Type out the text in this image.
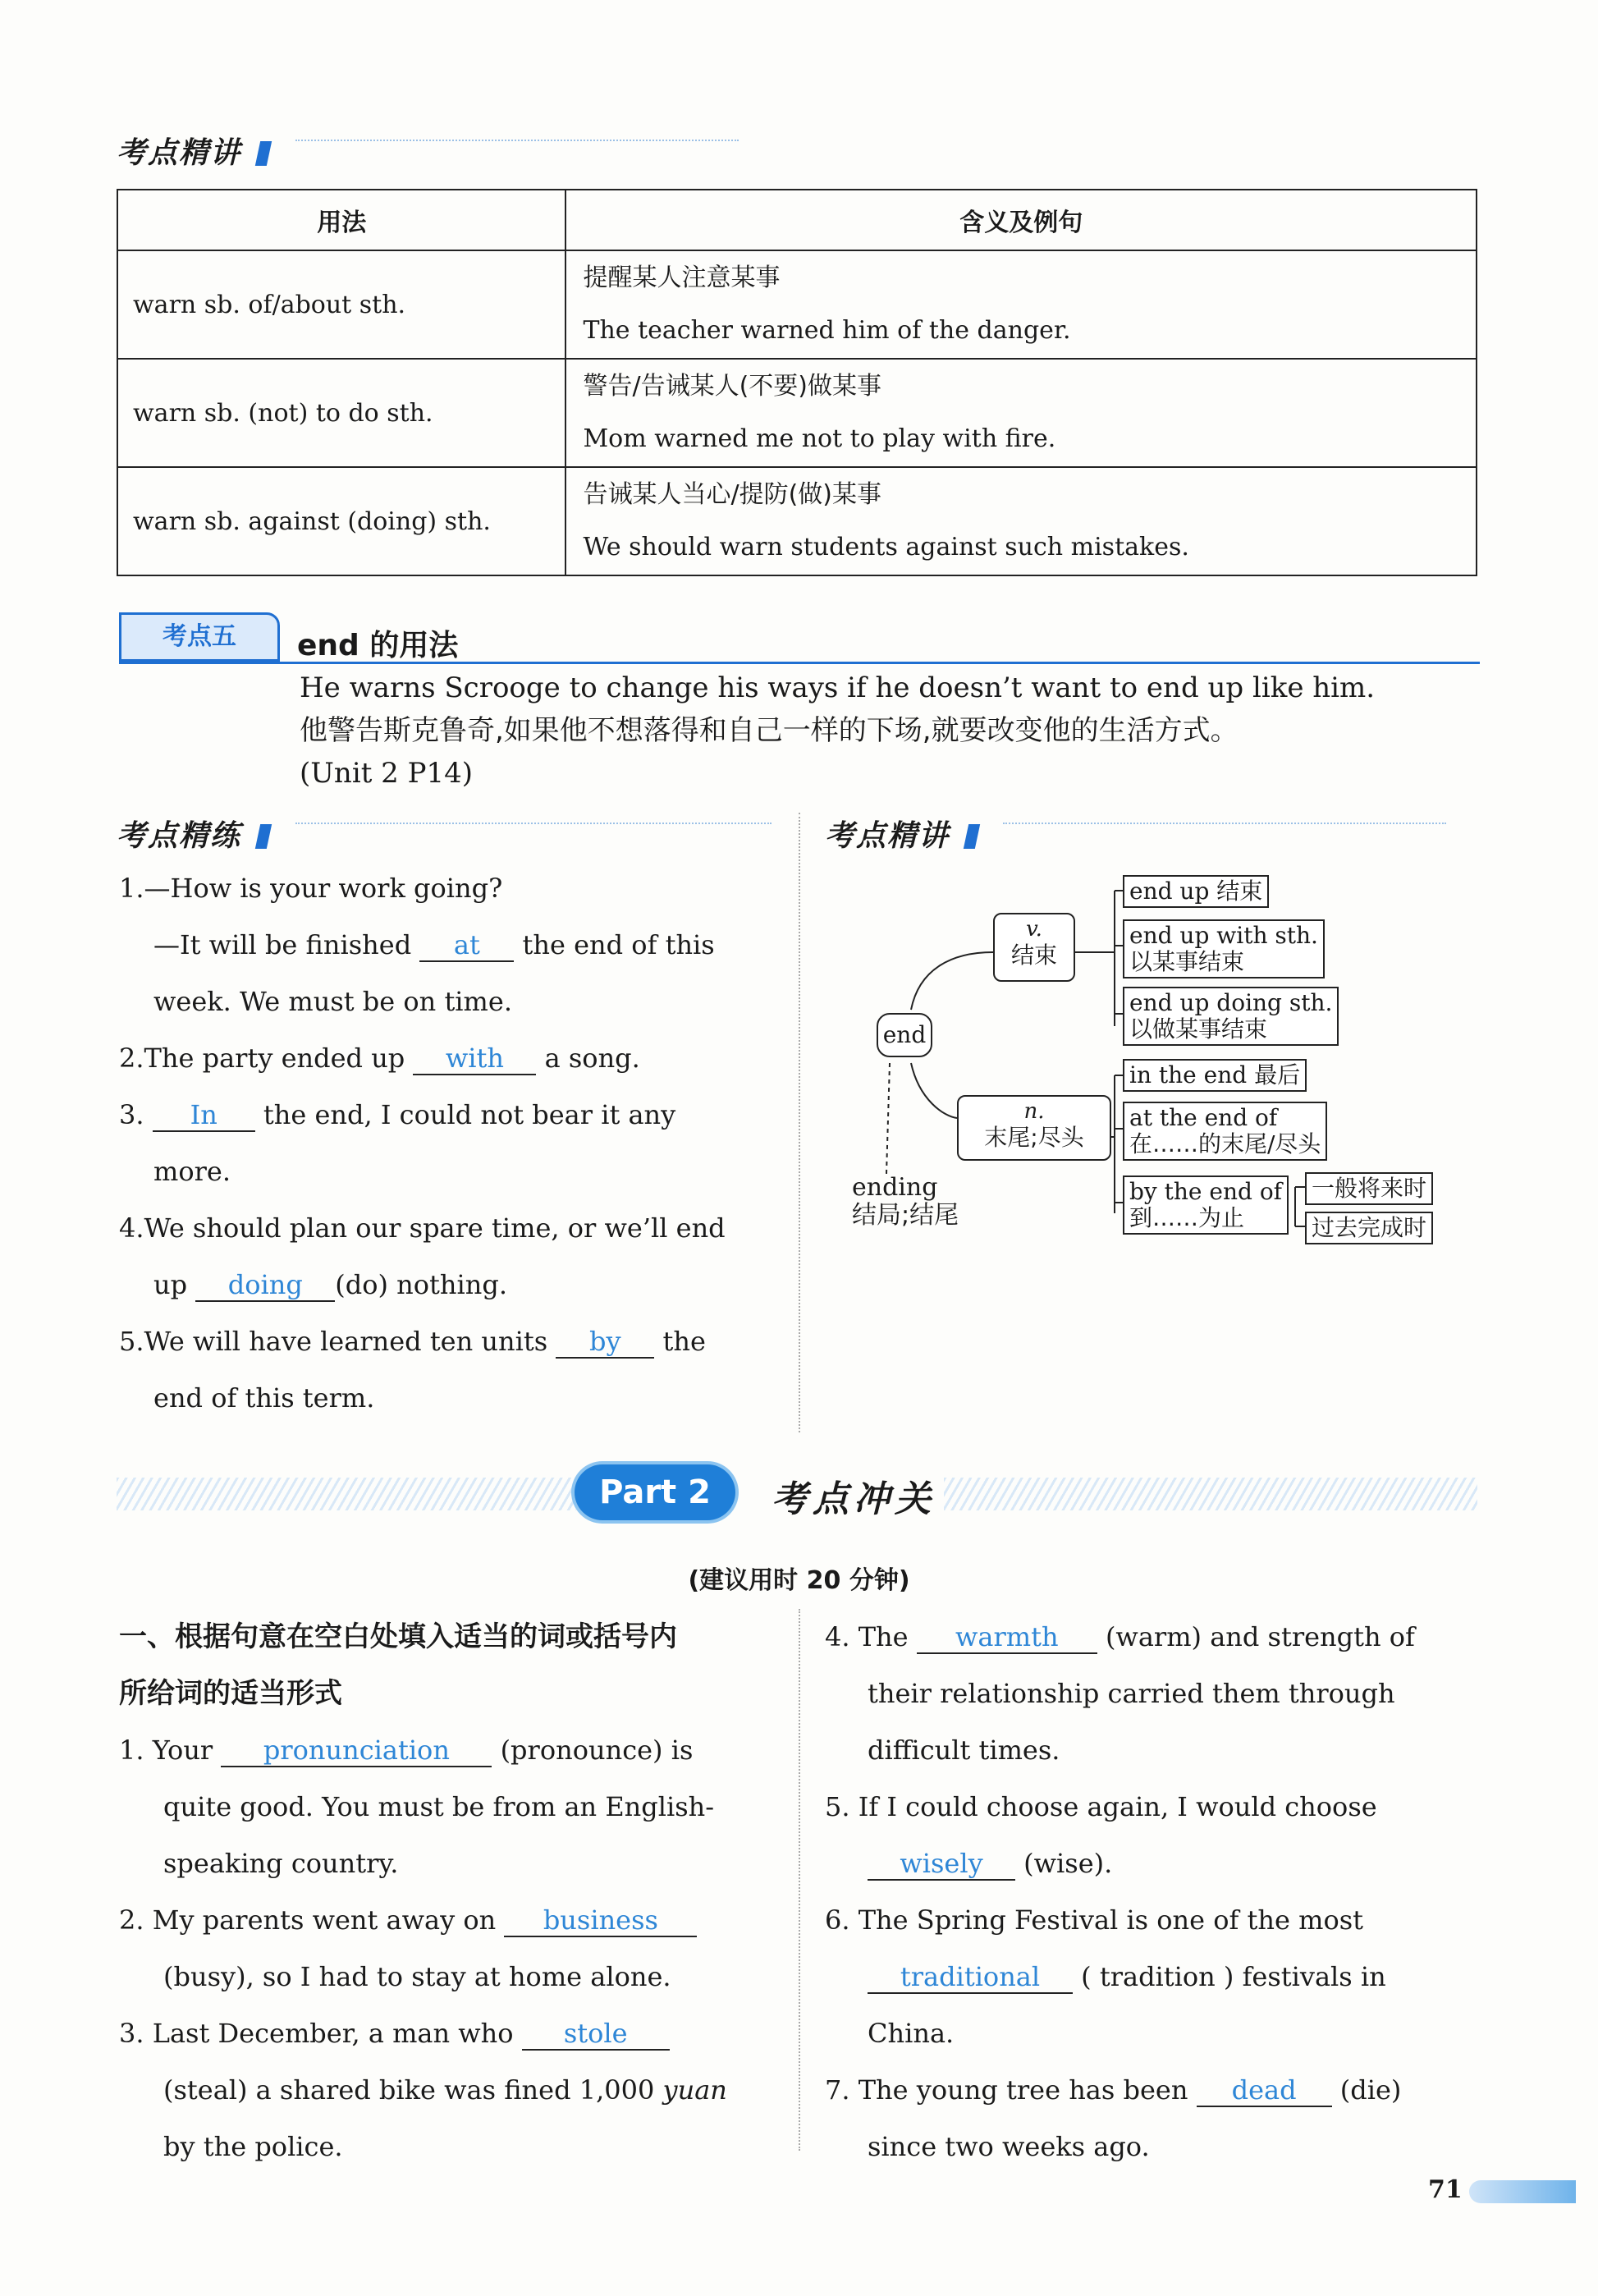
考点精讲
用法	含义及例句
warn sb. of/about sth.	提醒某人注意某事
The teacher warned him of the danger.

warn sb. (not) to do sth.	警告/告诫某人(不要)做某事
Mom warned me not to play with fire.

warn sb. against (doing) sth.	告诫某人当心/提防(做)某事
We should warn students against such mistakes.
考点五	end 的用法
He warns Scrooge to change his ways if he doesn’t want to end up like him.
他警告斯克鲁奇,如果他不想落得和自己一样的下场,就要改变他的生活方式。
(Unit 2 P14)
考点精练
1.—How is your work going?
—It will be finished at the end of this
week. We must be on time.
2.The party ended up with a song.
3. In the end, I could not bear it any
more.
4.We should plan our spare time, or we’ll end
up doing (do) nothing.
5.We will have learned ten units by the
end of this term.
考点精讲
end
v.
结束
n.
末尾;尽头
end up 结束
end up with sth.
以某事结束
end up doing sth.
以做某事结束
in the end 最后
at the end of
在……的末尾/尽头
by the end of
到……为止
一般将来时
过去完成时
ending
结局;结尾
Part 2	考点冲关
(建议用时 20 分钟)
一、根据句意在空白处填入适当的词或括号内
所给词的适当形式
1. Your pronunciation (pronounce) is
quite good. You must be from an English-
speaking country.
2. My parents went away on business
(busy), so I had to stay at home alone.
3. Last December, a man who stole
(steal) a shared bike was fined 1,000 yuan
by the police.
4. The warmth (warm) and strength of
their relationship carried them through
difficult times.
5. If I could choose again, I would choose
wisely (wise).
6. The Spring Festival is one of the most
traditional ( tradition ) festivals in
China.
7. The young tree has been dead (die)
since two weeks ago.
71
